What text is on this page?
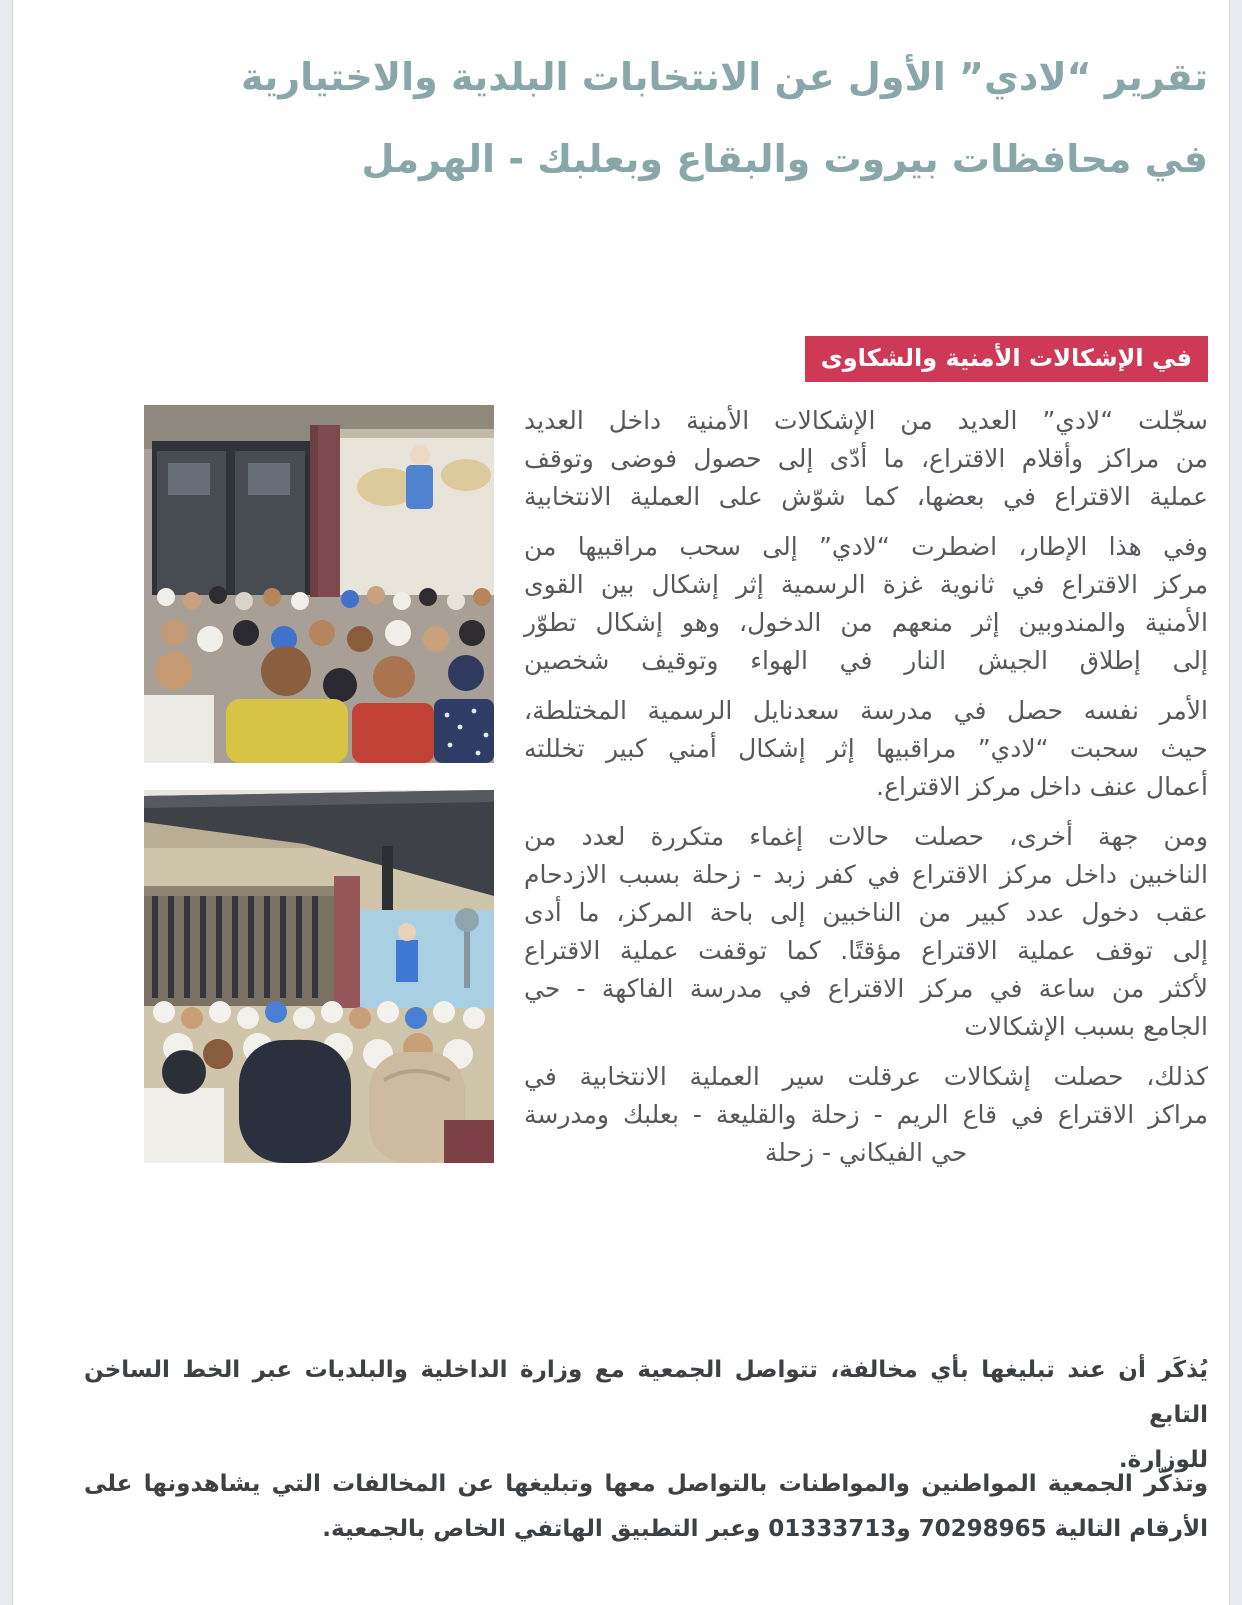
تقرير “لادي” الأول عن الانتخابات البلدية والاختيارية
في محافظات بيروت والبقاع وبعلبك - الهرمل
في الإشكالات الأمنية والشكاوى
سجّلت “لادي” العديد من الإشكالات الأمنية داخل العديد
من مراكز وأقلام الاقتراع، ما أدّى إلى حصول فوضى وتوقف
عملية الاقتراع في بعضها، كما شوّش على العملية الانتخابية
وفي هذا الإطار، اضطرت “لادي” إلى سحب مراقبيها من
مركز الاقتراع في ثانوية غزة الرسمية إثر إشكال بين القوى
الأمنية والمندوبين إثر منعهم من الدخول، وهو إشكال تطوّر
إلى إطلاق الجيش النار في الهواء وتوقيف شخصين
الأمر نفسه حصل في مدرسة سعدنايل الرسمية المختلطة،
حيث سحبت “لادي” مراقبيها إثر إشكال أمني كبير تخللته
أعمال عنف داخل مركز الاقتراع.
ومن جهة أخرى، حصلت حالات إغماء متكررة لعدد من
الناخبين داخل مركز الاقتراع في كفر زبد - زحلة بسبب الازدحام
عقب دخول عدد كبير من الناخبين إلى باحة المركز، ما أدى
إلى توقف عملية الاقتراع مؤقتًا. كما توقفت عملية الاقتراع
لأكثر من ساعة في مركز الاقتراع في مدرسة الفاكهة - حي
الجامع بسبب الإشكالات
كذلك، حصلت إشكالات عرقلت سير العملية الانتخابية في
مراكز الاقتراع في قاع الريم - زحلة والقليعة - بعلبك ومدرسة
حي الفيكاني - زحلة
يُذكَر أن عند تبليغها بأي مخالفة، تتواصل الجمعية مع وزارة الداخلية والبلديات عبر الخط الساخن التابع
للوزارة.
وتذكّر الجمعية المواطنين والمواطنات بالتواصل معها وتبليغها عن المخالفات التي يشاهدونها على
الأرقام التالية 70298965 و01333713 وعبر التطبيق الهاتفي الخاص بالجمعية.
